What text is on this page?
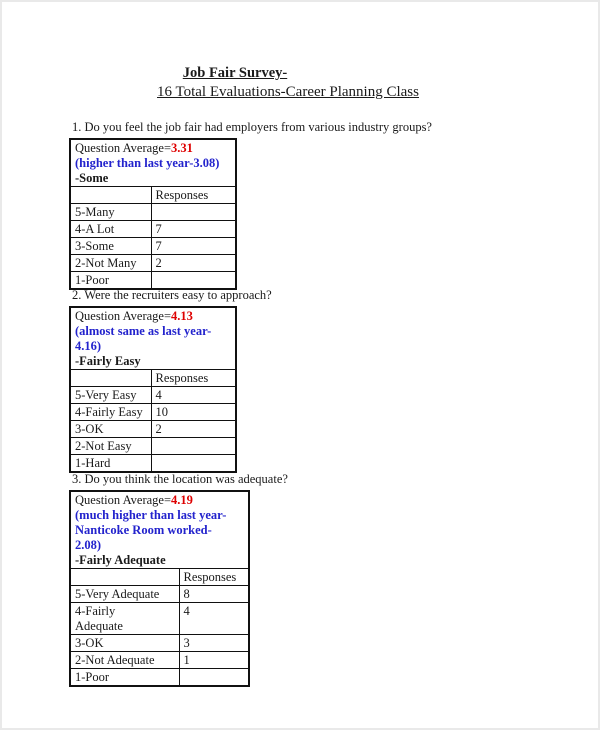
Job Fair Survey-
16 Total Evaluations-Career Planning Class
1. Do you feel the job fair had employers from various industry groups?
Question Average=3.31
(higher than last year-3.08)
-Some	

	Responses
5-Many	
4-A Lot	7
3-Some	7
2-Not Many	2
1-Poor	
2. Were the recruiters easy to approach?
Question Average=4.13
(almost same as last year-
4.16)
-Fairly Easy	

	Responses
5-Very Easy	4
4-Fairly Easy	10
3-OK	2
2-Not Easy	
1-Hard	
3. Do you think the location was adequate?
Question Average=4.19
(much higher than last year-
Nanticoke Room worked-
2.08)
-Fairly Adequate	

	Responses
5-Very Adequate	8
4-Fairly Adequate	4
3-OK	3
2-Not Adequate	1
1-Poor	
